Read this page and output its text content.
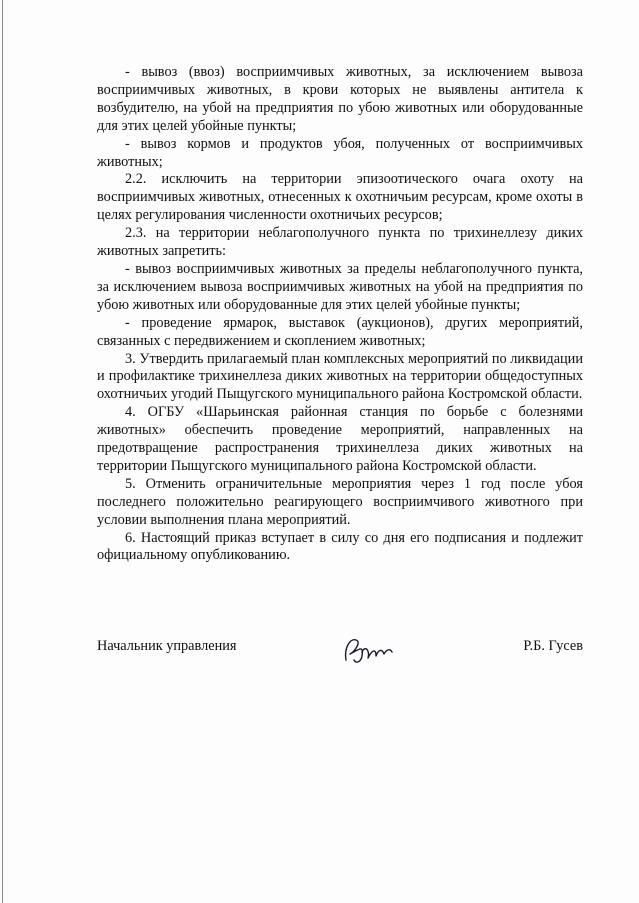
- вывоз (ввоз) восприимчивых животных, за исключением вывоза восприимчивых животных, в крови которых не выявлены антитела к возбудителю, на убой на предприятия по убою животных или оборудованные для этих целей убойные пункты;

- вывоз кормов и продуктов убоя, полученных от восприимчивых животных;

2.2. исключить на территории эпизоотического очага охоту на восприимчивых животных, отнесенных к охотничьим ресурсам, кроме охоты в целях регулирования численности охотничьих ресурсов;

2.3. на территории неблагополучного пункта по трихинеллезу диких животных запретить:

- вывоз восприимчивых животных за пределы неблагополучного пункта, за исключением вывоза восприимчивых животных на убой на предприятия по убою животных или оборудованные для этих целей убойные пункты;

- проведение ярмарок, выставок (аукционов), других мероприятий, связанных с передвижением и скоплением животных;

3. Утвердить прилагаемый план комплексных мероприятий по ликвидации и профилактике трихинеллеза диких животных на территории общедоступных охотничьих угодий Пыщугского муниципального района Костромской области.

4. ОГБУ «Шарьинская районная станция по борьбе с болезнями животных» обеспечить проведение мероприятий, направленных на предотвращение распространения трихинеллеза диких животных на территории Пыщугского муниципального района Костромской области.

5. Отменить ограничительные мероприятия через 1 год после убоя последнего положительно реагирующего восприимчивого животного при условии выполнения плана мероприятий.

6. Настоящий приказ вступает в силу со дня его подписания и подлежит официальному опубликованию.

Начальник управления	Р.Б. Гусев
